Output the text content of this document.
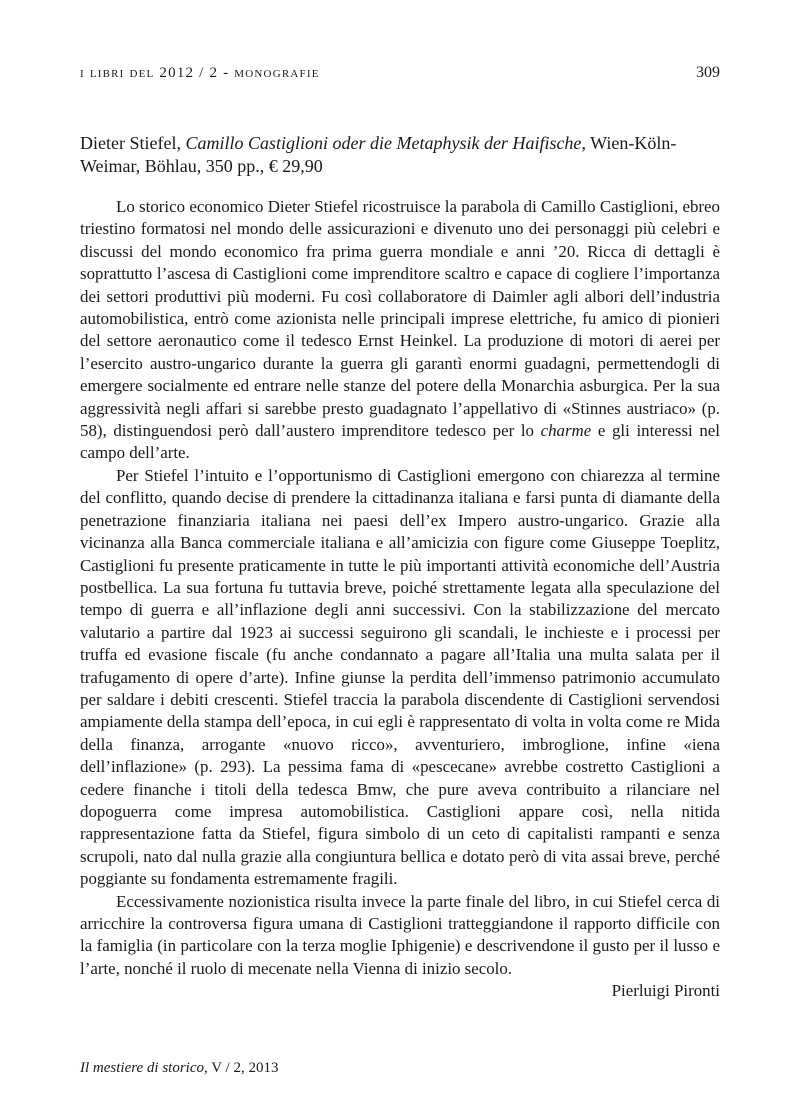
i libri del 2012 / 2 - monografie	309
Dieter Stiefel, Camillo Castiglioni oder die Metaphysik der Haifische, Wien-Köln-Weimar, Böhlau, 350 pp., € 29,90

Lo storico economico Dieter Stiefel ricostruisce la parabola di Camillo Castiglioni, ebreo triestino formatosi nel mondo delle assicurazioni e divenuto uno dei personaggi più celebri e discussi del mondo economico fra prima guerra mondiale e anni ’20. Ricca di dettagli è soprattutto l’ascesa di Castiglioni come imprenditore scaltro e capace di cogliere l’importanza dei settori produttivi più moderni. Fu così collaboratore di Daimler agli albori dell’industria automobilistica, entrò come azionista nelle principali imprese elettriche, fu amico di pionieri del settore aeronautico come il tedesco Ernst Heinkel. La produzione di motori di aerei per l’esercito austro-ungarico durante la guerra gli garantì enormi guadagni, permettendogli di emergere socialmente ed entrare nelle stanze del potere della Monarchia asburgica. Per la sua aggressività negli affari si sarebbe presto guadagnato l’appellativo di «Stinnes austriaco» (p. 58), distinguendosi però dall’austero imprenditore tedesco per lo charme e gli interessi nel campo dell’arte.

Per Stiefel l’intuito e l’opportunismo di Castiglioni emergono con chiarezza al termine del conflitto, quando decise di prendere la cittadinanza italiana e farsi punta di diamante della penetrazione finanziaria italiana nei paesi dell’ex Impero austro-ungarico. Grazie alla vicinanza alla Banca commerciale italiana e all’amicizia con figure come Giuseppe Toeplitz, Castiglioni fu presente praticamente in tutte le più importanti attività economiche dell’Austria postbellica. La sua fortuna fu tuttavia breve, poiché strettamente legata alla speculazione del tempo di guerra e all’inflazione degli anni successivi. Con la stabilizzazione del mercato valutario a partire dal 1923 ai successi seguirono gli scandali, le inchieste e i processi per truffa ed evasione fiscale (fu anche condannato a pagare all’Italia una multa salata per il trafugamento di opere d’arte). Infine giunse la perdita dell’immenso patrimonio accumulato per saldare i debiti crescenti. Stiefel traccia la parabola discendente di Castiglioni servendosi ampiamente della stampa dell’epoca, in cui egli è rappresentato di volta in volta come re Mida della finanza, arrogante «nuovo ricco», avventuriero, imbroglione, infine «iena dell’inflazione» (p. 293). La pessima fama di «pescecane» avrebbe costretto Castiglioni a cedere finanche i titoli della tedesca Bmw, che pure aveva contribuito a rilanciare nel dopoguerra come impresa automobilistica. Castiglioni appare così, nella nitida rappresentazione fatta da Stiefel, figura simbolo di un ceto di capitalisti rampanti e senza scrupoli, nato dal nulla grazie alla congiuntura bellica e dotato però di vita assai breve, perché poggiante su fondamenta estremamente fragili.

Eccessivamente nozionistica risulta invece la parte finale del libro, in cui Stiefel cerca di arricchire la controversa figura umana di Castiglioni tratteggiandone il rapporto difficile con la famiglia (in particolare con la terza moglie Iphigenie) e descrivendone il gusto per il lusso e l’arte, nonché il ruolo di mecenate nella Vienna di inizio secolo.

Pierluigi Pironti
Il mestiere di storico, V / 2, 2013
